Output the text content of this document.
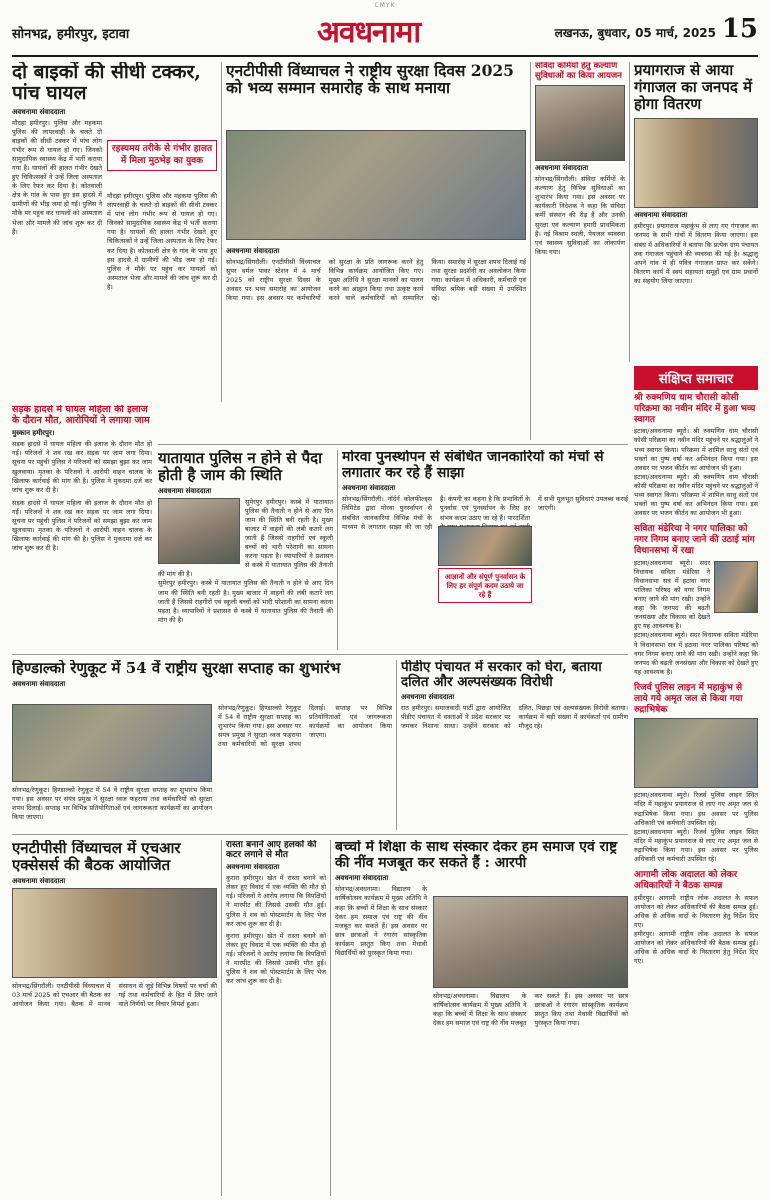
CMYK
सोनभद्र, हमीरपुर, इटावा	अवधनामा	लखनऊ, बुधवार, 05 मार्च, 2025 15
दो बाइकों की सीधी टक्कर, पांच घायल
अवधनामा संवाददाता
रहस्यमय तरीके से गंभीर हालत में मिला मुठभेड़ का युवक
मौदहा हमीरपुर। पुलिस और महकमा पुलिस की लापरवाही के चलते दो बाइकों की सीधी टक्कर में पांच लोग गंभीर रूप से घायल हो गए। जिनको सामुदायिक स्वास्थ्य केंद्र में भर्ती कराया गया है। घायलों की हालत गंभीर देखते हुए चिकित्सकों ने उन्हें जिला अस्पताल के लिए रेफर कर दिया है। कोतवाली क्षेत्र के गांव के पास हुए इस हादसे में ग्रामीणों की भीड़ जमा हो गई। पुलिस ने मौके पर पहुंच कर घायलों को अस्पताल भेजा और मामले की जांच शुरू कर दी है।
मौदहा हमीरपुर। पुलिस और महकमा पुलिस की लापरवाही के चलते दो बाइकों की सीधी टक्कर में पांच लोग गंभीर रूप से घायल हो गए। जिनको सामुदायिक स्वास्थ्य केंद्र में भर्ती कराया गया है। घायलों की हालत गंभीर देखते हुए चिकित्सकों ने उन्हें जिला अस्पताल के लिए रेफर कर दिया है। कोतवाली क्षेत्र के गांव के पास हुए इस हादसे में ग्रामीणों की भीड़ जमा हो गई। पुलिस ने मौके पर पहुंच कर घायलों को अस्पताल भेजा और मामले की जांच शुरू कर दी है।
सड़क हादसे में घायल महिला की इलाज के दौरान मौत, आरोपियों ने लगाया जाम
मुस्कान हमीरपुर।
सड़क हादसे में घायल महिला की इलाज के दौरान मौत हो गई। परिजनों ने शव रख कर सड़क पर जाम लगा दिया। सूचना पर पहुंची पुलिस ने परिजनों को समझा बुझा कर जाम खुलवाया। मृतका के परिजनों ने आरोपी वाहन चालक के खिलाफ कार्रवाई की मांग की है। पुलिस ने मुकदमा दर्ज कर जांच शुरू कर दी है।
सड़क हादसे में घायल महिला की इलाज के दौरान मौत हो गई। परिजनों ने शव रख कर सड़क पर जाम लगा दिया। सूचना पर पहुंची पुलिस ने परिजनों को समझा बुझा कर जाम खुलवाया। मृतका के परिजनों ने आरोपी वाहन चालक के खिलाफ कार्रवाई की मांग की है। पुलिस ने मुकदमा दर्ज कर जांच शुरू कर दी है।
एनटीपीसी विंध्याचल ने राष्ट्रीय सुरक्षा दिवस 2025 को भव्य सम्मान समारोह के साथ मनाया
अवधनामा संवाददाता
सोनभद्र/सिंगरौली। एनटीपीसी विंध्याचल सुपर थर्मल पावर स्टेशन में 4 मार्च 2025 को राष्ट्रीय सुरक्षा दिवस के अवसर पर भव्य समारोह का आयोजन किया गया। इस अवसर पर कर्मचारियों को सुरक्षा के प्रति जागरूक करने हेतु विभिन्न कार्यक्रम आयोजित किए गए। मुख्य अतिथि ने सुरक्षा मानकों का पालन करने का आह्वान किया तथा उत्कृष्ट कार्य करने वाले कर्मचारियों को सम्मानित किया। समारोह में सुरक्षा शपथ दिलाई गई तथा सुरक्षा प्रदर्शनी का अवलोकन किया गया। कार्यक्रम में अधिकारी, कर्मचारी एवं संविदा श्रमिक बड़ी संख्या में उपस्थित रहे।
संविदा कर्मियों हेतु कल्याण सुविधाओं का किया आयजन
अवधनामा संवाददाता
सोनभद्र/सिंगरौली। संविदा कर्मियों के कल्याण हेतु विभिन्न सुविधाओं का शुभारंभ किया गया। इस अवसर पर कार्यकारी निदेशक ने कहा कि संविदा कर्मी संस्थान की रीढ़ हैं और उनकी सुरक्षा एवं कल्याण हमारी प्राथमिकता है। नई विश्राम स्थली, पेयजल व्यवस्था एवं स्वास्थ्य सुविधाओं का लोकार्पण किया गया।
प्रयागराज से आया गंगाजल का जनपद में होगा वितरण
अवधनामा संवाददाता
हमीरपुर। प्रयागराज महाकुंभ से लाए गए गंगाजल का जनपद के सभी गांवों में वितरण किया जाएगा। इस संबंध में अधिकारियों ने बताया कि प्रत्येक ग्राम पंचायत तक गंगाजल पहुंचाने की व्यवस्था की गई है। श्रद्धालु अपने गांव में ही पवित्र गंगाजल प्राप्त कर सकेंगे। वितरण कार्य में स्वयं सहायता समूहों एवं ग्राम प्रधानों का सहयोग लिया जाएगा।
संक्षिप्त समाचार
श्री रुक्मणिय धाम चौरासी कोसी परिक्रमा का नवीन मंदिर में हुआ भव्य स्वागत
इटावा/अवधनामा ब्यूरो। श्री रुक्मणिय धाम चौरासी कोसी परिक्रमा का नवीन मंदिर पहुंचने पर श्रद्धालुओं ने भव्य स्वागत किया। परिक्रमा में शामिल साधु संतों एवं भक्तों का पुष्प वर्षा कर अभिनंदन किया गया। इस अवसर पर भजन कीर्तन का आयोजन भी हुआ।
इटावा/अवधनामा ब्यूरो। श्री रुक्मणिय धाम चौरासी कोसी परिक्रमा का नवीन मंदिर पहुंचने पर श्रद्धालुओं ने भव्य स्वागत किया। परिक्रमा में शामिल साधु संतों एवं भक्तों का पुष्प वर्षा कर अभिनंदन किया गया। इस अवसर पर भजन कीर्तन का आयोजन भी हुआ।
सविता मंडेरिया ने नगर पालिका को नगर निगम बनाए जाने की उठाई मांग विधानसभा में रखा
इटावा/अवधनामा ब्यूरो। सदर विधायक सविता मंडेरिया ने विधानसभा सत्र में इटावा नगर पालिका परिषद को नगर निगम बनाए जाने की मांग रखी। उन्होंने कहा कि जनपद की बढ़ती जनसंख्या और विकास को देखते हुए यह आवश्यक है।
इटावा/अवधनामा ब्यूरो। सदर विधायक सविता मंडेरिया ने विधानसभा सत्र में इटावा नगर पालिका परिषद को नगर निगम बनाए जाने की मांग रखी। उन्होंने कहा कि जनपद की बढ़ती जनसंख्या और विकास को देखते हुए यह आवश्यक है।
रिजर्व पुलिस लाइन में महाकुंभ से लाये गये अमृत जल से किया गया रुद्राभिषेक
इटावा/अवधनामा ब्यूरो। रिजर्व पुलिस लाइन स्थित मंदिर में महाकुंभ प्रयागराज से लाए गए अमृत जल से रुद्राभिषेक किया गया। इस अवसर पर पुलिस अधिकारी एवं कर्मचारी उपस्थित रहे।
इटावा/अवधनामा ब्यूरो। रिजर्व पुलिस लाइन स्थित मंदिर में महाकुंभ प्रयागराज से लाए गए अमृत जल से रुद्राभिषेक किया गया। इस अवसर पर पुलिस अधिकारी एवं कर्मचारी उपस्थित रहे।
आगामी लोक अदालत को लेकर अधिकारियों ने बैठक सम्पन्न
हमीरपुर। आगामी राष्ट्रीय लोक अदालत के सफल आयोजन को लेकर अधिकारियों की बैठक सम्पन्न हुई। अधिक से अधिक वादों के निस्तारण हेतु निर्देश दिए गए।
हमीरपुर। आगामी राष्ट्रीय लोक अदालत के सफल आयोजन को लेकर अधिकारियों की बैठक सम्पन्न हुई। अधिक से अधिक वादों के निस्तारण हेतु निर्देश दिए गए।
यातायात पुलिस न होने से पैदा होती है जाम की स्थिति
अवधनामा संवाददाता
सुमेरपुर हमीरपुर। कस्बे में यातायात पुलिस की तैनाती न होने से आए दिन जाम की स्थिति बनी रहती है। मुख्य बाजार में वाहनों की लंबी कतारें लग जाती हैं जिससे राहगीरों एवं स्कूली बच्चों को भारी परेशानी का सामना करना पड़ता है। व्यापारियों ने प्रशासन से कस्बे में यातायात पुलिस की तैनाती की मांग की है।
सुमेरपुर हमीरपुर। कस्बे में यातायात पुलिस की तैनाती न होने से आए दिन जाम की स्थिति बनी रहती है। मुख्य बाजार में वाहनों की लंबी कतारें लग जाती हैं जिससे राहगीरों एवं स्कूली बच्चों को भारी परेशानी का सामना करना पड़ता है। व्यापारियों ने प्रशासन से कस्बे में यातायात पुलिस की तैनाती की मांग की है।
मोरवा पुनर्स्थापन से संबंधित जानकारियों को मंचों से लगातार कर रहे हैं साझा
अवधनामा संवाददाता
आज्ञानों और संपूर्ण पुनर्वासन के लिए हर संपूर्ण कदम उठाये जा रहे हैं
सोनभद्र/सिंगरौली। नॉर्दर्न कोलफील्ड्स लिमिटेड द्वारा मोरवा पुनर्स्थापन से संबंधित जानकारियां विभिन्न मंचों के माध्यम से लगातार साझा की जा रही हैं। कंपनी का कहना है कि प्रभावितों के पुनर्वास एवं पुनर्स्थापन के लिए हर संभव कदम उठाए जा रहे हैं। पारदर्शिता में सभी मूलभूत सुविधाएं उपलब्ध कराई जाएंगी।
हिण्डाल्को रेणुकूट में 54 वें राष्ट्रीय सुरक्षा सप्ताह का शुभारंभ
अवधनामा संवाददाता
सोनभद्र/रेणुकूट। हिण्डाल्को रेणुकूट में 54 वें राष्ट्रीय सुरक्षा सप्ताह का शुभारंभ किया गया। इस अवसर पर संयंत्र प्रमुख ने सुरक्षा ध्वज फहराया तथा कर्मचारियों को सुरक्षा शपथ दिलाई। सप्ताह भर विभिन्न प्रतियोगिताओं एवं जागरूकता कार्यक्रमों का आयोजन किया जाएगा।
सोनभद्र/रेणुकूट। हिण्डाल्को रेणुकूट में 54 वें राष्ट्रीय सुरक्षा सप्ताह का शुभारंभ किया गया। इस अवसर पर संयंत्र प्रमुख ने सुरक्षा ध्वज फहराया तथा कर्मचारियों को सुरक्षा शपथ दिलाई। सप्ताह भर विभिन्न प्रतियोगिताओं एवं जागरूकता कार्यक्रमों का आयोजन किया जाएगा।
पीडीए पंचायत में सरकार को घेरा, बताया दलित और अल्पसंख्यक विरोधी
अवधनामा संवाददाता
राठ हमीरपुर। समाजवादी पार्टी द्वारा आयोजित पीडीए पंचायत में वक्ताओं ने प्रदेश सरकार पर जमकर निशाना साधा। उन्होंने सरकार को दलित, पिछड़ा एवं अल्पसंख्यक विरोधी बताया। कार्यक्रम में बड़ी संख्या में कार्यकर्ता एवं ग्रामीण मौजूद रहे।
एनटीपीसी विंध्याचल में एचआर एक्सेसर्स की बैठक आयोजित
अवधनामा संवाददाता
सोनभद्र/सिंगरौली। एनटीपीसी विंध्याचल में 03 मार्च 2025 को एचआर की बैठक का आयोजन किया गया। बैठक में मानव संसाधन से जुड़े विभिन्न विषयों पर चर्चा की गई तथा कर्मचारियों के हित में लिए जाने वाले निर्णयों पर विचार विमर्श हुआ।
रास्ता बनाने आए हलकों की कटर लगाने से मौत
अवधनामा संवाददाता
कुरारा हमीरपुर। खेत में रास्ता बनाने को लेकर हुए विवाद में एक व्यक्ति की मौत हो गई। परिजनों ने आरोप लगाया कि विपक्षियों ने मारपीट की जिससे उसकी मौत हुई। पुलिस ने शव को पोस्टमार्टम के लिए भेज कर जांच शुरू कर दी है।
कुरारा हमीरपुर। खेत में रास्ता बनाने को लेकर हुए विवाद में एक व्यक्ति की मौत हो गई। परिजनों ने आरोप लगाया कि विपक्षियों ने मारपीट की जिससे उसकी मौत हुई। पुलिस ने शव को पोस्टमार्टम के लिए भेज कर जांच शुरू कर दी है।
बच्चों में शिक्षा के साथ संस्कार देकर हम समाज एवं राष्ट्र की नींव मजबूत कर सकते हैं : आरपी
अवधनामा संवाददाता
सोनभद्र/अवधनामा। विद्यालय के वार्षिकोत्सव कार्यक्रम में मुख्य अतिथि ने कहा कि बच्चों में शिक्षा के साथ संस्कार देकर हम समाज एवं राष्ट्र की नींव मजबूत कर सकते हैं। इस अवसर पर छात्र छात्राओं ने रंगारंग सांस्कृतिक कार्यक्रम प्रस्तुत किए तथा मेधावी विद्यार्थियों को पुरस्कृत किया गया।
सोनभद्र/अवधनामा। विद्यालय के वार्षिकोत्सव कार्यक्रम में मुख्य अतिथि ने कहा कि बच्चों में शिक्षा के साथ संस्कार देकर हम समाज एवं राष्ट्र की नींव मजबूत कर सकते हैं। इस अवसर पर छात्र छात्राओं ने रंगारंग सांस्कृतिक कार्यक्रम प्रस्तुत किए तथा मेधावी विद्यार्थियों को पुरस्कृत किया गया।
